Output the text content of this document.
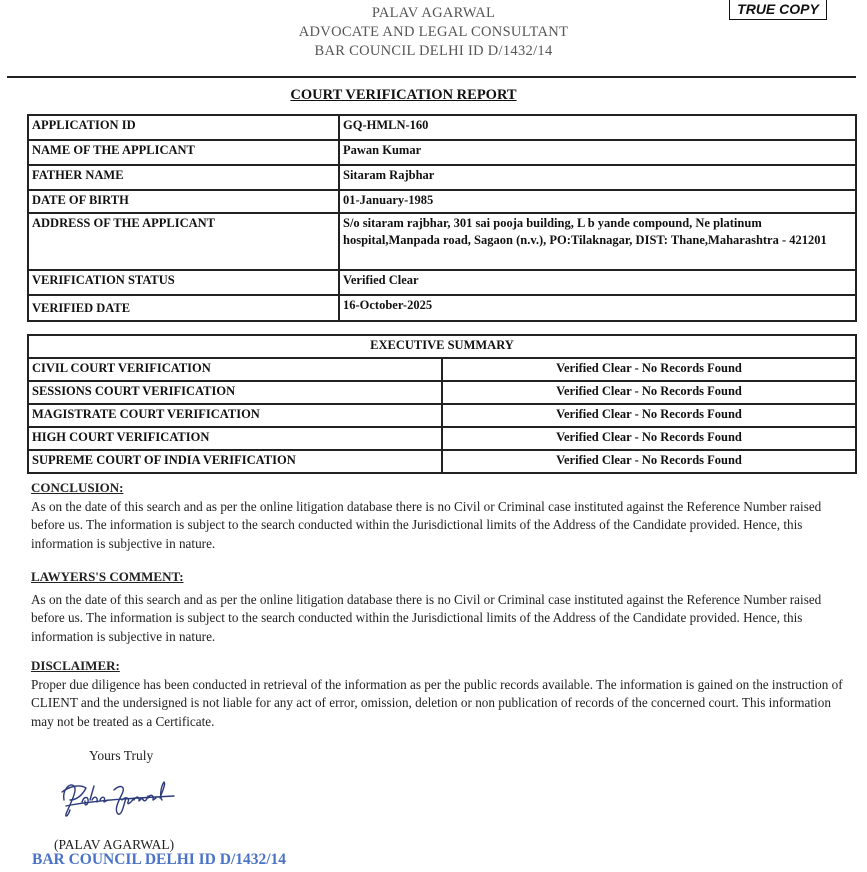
PALAV AGARWAL
ADVOCATE AND LEGAL CONSULTANT
BAR COUNCIL DELHI ID D/1432/14
TRUE COPY
COURT VERIFICATION REPORT
APPLICATION ID	GQ-HMLN-160
NAME OF THE APPLICANT	Pawan Kumar
FATHER NAME	Sitaram Rajbhar
DATE OF BIRTH	01-January-1985
ADDRESS OF THE APPLICANT	S/o sitaram rajbhar, 301 sai pooja building, L b yande compound, Ne platinum hospital,Manpada road, Sagaon (n.v.), PO:Tilaknagar, DIST: Thane,Maharashtra - 421201
VERIFICATION STATUS	Verified Clear
VERIFIED DATE	16-October-2025
EXECUTIVE SUMMARY	
CIVIL COURT VERIFICATION	Verified Clear - No Records Found
SESSIONS COURT VERIFICATION	Verified Clear - No Records Found
MAGISTRATE COURT VERIFICATION	Verified Clear - No Records Found
HIGH COURT VERIFICATION	Verified Clear - No Records Found
SUPREME COURT OF INDIA VERIFICATION	Verified Clear - No Records Found
CONCLUSION:
As on the date of this search and as per the online litigation database there is no Civil or Criminal case instituted against the Reference Number raised before us. The information is subject to the search conducted within the Jurisdictional limits of the Address of the Candidate provided. Hence, this information is subjective in nature.
LAWYERS'S COMMENT:
As on the date of this search and as per the online litigation database there is no Civil or Criminal case instituted against the Reference Number raised before us. The information is subject to the search conducted within the Jurisdictional limits of the Address of the Candidate provided. Hence, this information is subjective in nature.
DISCLAIMER:
Proper due diligence has been conducted in retrieval of the information as per the public records available. The information is gained on the instruction of CLIENT and the undersigned is not liable for any act of error, omission, deletion or non publication of records of the concerned court. This information may not be treated as a Certificate.
Yours Truly
(PALAV AGARWAL)
BAR COUNCIL DELHI ID D/1432/14
